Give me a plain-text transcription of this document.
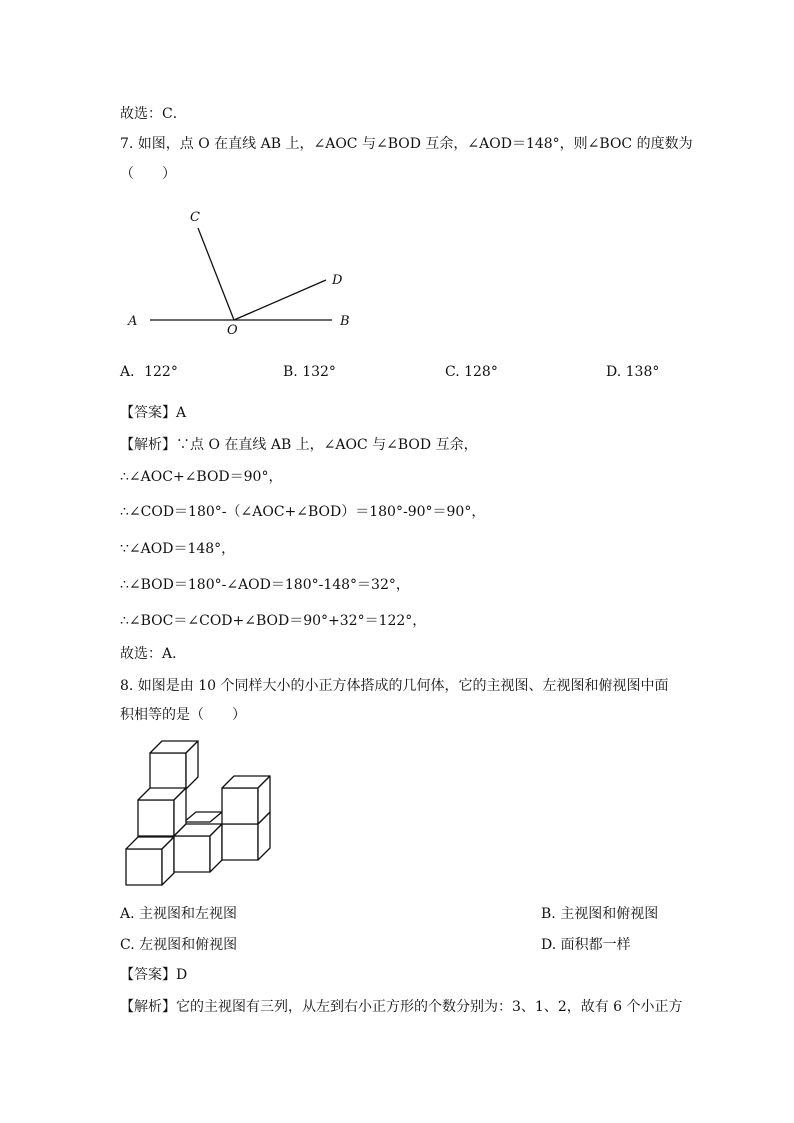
故选：C．
7. 如图，点 O 在直线 AB 上，∠AOC 与∠BOD 互余，∠AOD＝148°，则∠BOC 的度数为
（　　）
A	B
C
D
O
A．122°	B. 132°	C. 128°	D. 138°
【答案】A
【解析】∵点 O 在直线 AB 上，∠AOC 与∠BOD 互余，
∴∠AOC+∠BOD＝90°，
∴∠COD＝180°-（∠AOC+∠BOD）＝180°-90°＝90°，
∵∠AOD＝148°，
∴∠BOD＝180°-∠AOD＝180°-148°＝32°，
∴∠BOC＝∠COD+∠BOD＝90°+32°＝122°，
故选：A．
8. 如图是由 10 个同样大小的小正方体搭成的几何体，它的主视图、左视图和俯视图中面
积相等的是（　　）
A. 主视图和左视图	B. 主视图和俯视图
C. 左视图和俯视图	D. 面积都一样
【答案】D
【解析】它的主视图有三列，从左到右小正方形的个数分别为：3、1、2，故有 6 个小正方
